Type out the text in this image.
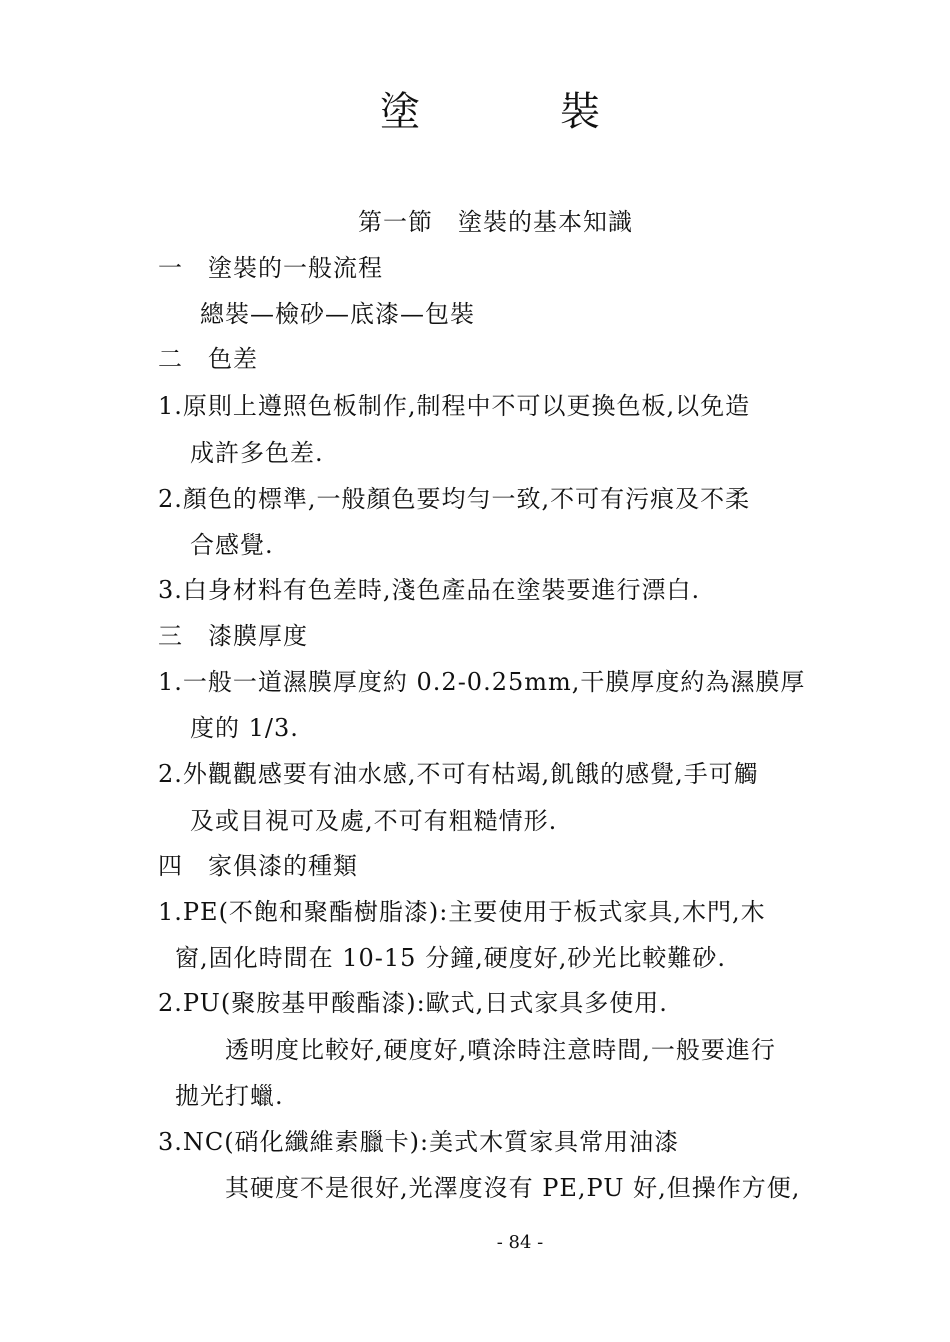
塗　裝
第一節　塗裝的基本知識
一　塗裝的一般流程
總裝—檢砂—底漆—包裝
二　色差
1.原則上遵照色板制作,制程中不可以更換色板,以免造
成許多色差.
2.顏色的標準,一般顏色要均勻一致,不可有污痕及不柔
合感覺.
3.白身材料有色差時,淺色產品在塗裝要進行漂白.
三　漆膜厚度
1.一般一道濕膜厚度約 0.2-0.25mm,干膜厚度約為濕膜厚
度的 1/3.
2.外觀觀感要有油水感,不可有枯竭,飢餓的感覺,手可觸
及或目視可及處,不可有粗糙情形.
四　家俱漆的種類
1.PE(不飽和聚酯樹脂漆):主要使用于板式家具,木門,木
窗,固化時間在 10-15 分鐘,硬度好,砂光比較難砂.
2.PU(聚胺基甲酸酯漆):歐式,日式家具多使用.
透明度比較好,硬度好,噴涂時注意時間,一般要進行
拋光打蠟.
3.NC(硝化纖維素臘卡):美式木質家具常用油漆
其硬度不是很好,光澤度沒有 PE,PU 好,但操作方便,
- 84 -
